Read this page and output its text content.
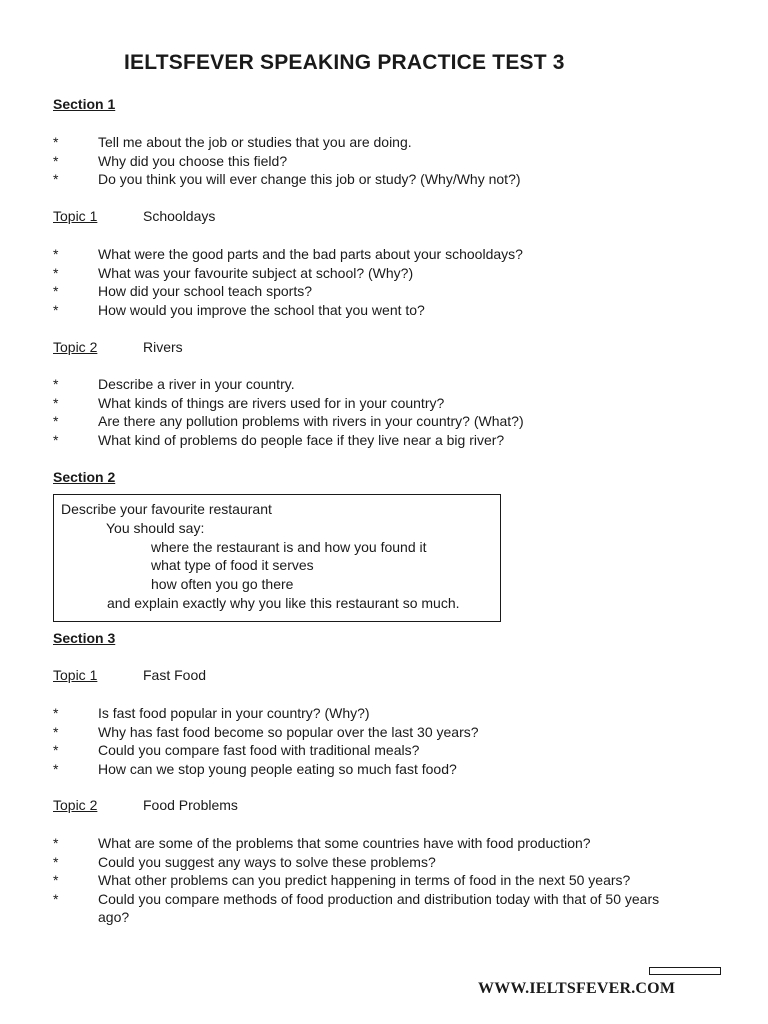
IELTSFEVER SPEAKING PRACTICE TEST 3
Section 1
*	Tell me about the job or studies that you are doing.
*	Why did you choose this field?
*	Do you think you will ever change this job or study? (Why/Why not?)
Topic 1	Schooldays
*	What were the good parts and the bad parts about your schooldays?
*	What was your favourite subject at school? (Why?)
*	How did your school teach sports?
*	How would you improve the school that you went to?
Topic 2	Rivers
*	Describe a river in your country.
*	What kinds of things are rivers used for in your country?
*	Are there any pollution problems with rivers in your country? (What?)
*	What kind of problems do people face if they live near a big river?
Section 2
Describe your favourite restaurant
You should say:
where the restaurant is and how you found it
what type of food it serves
how often you go there
and explain exactly why you like this restaurant so much.
Section 3
Topic 1	Fast Food
*	Is fast food popular in your country? (Why?)
*	Why has fast food become so popular over the last 30 years?
*	Could you compare fast food with traditional meals?
*	How can we stop young people eating so much fast food?
Topic 2	Food Problems
*	What are some of the problems that some countries have with food production?
*	Could you suggest any ways to solve these problems?
*	What other problems can you predict happening in terms of food in the next 50 years?
*	Could you compare methods of food production and distribution today with that of 50 years ago?
WWW.IELTSFEVER.COM
